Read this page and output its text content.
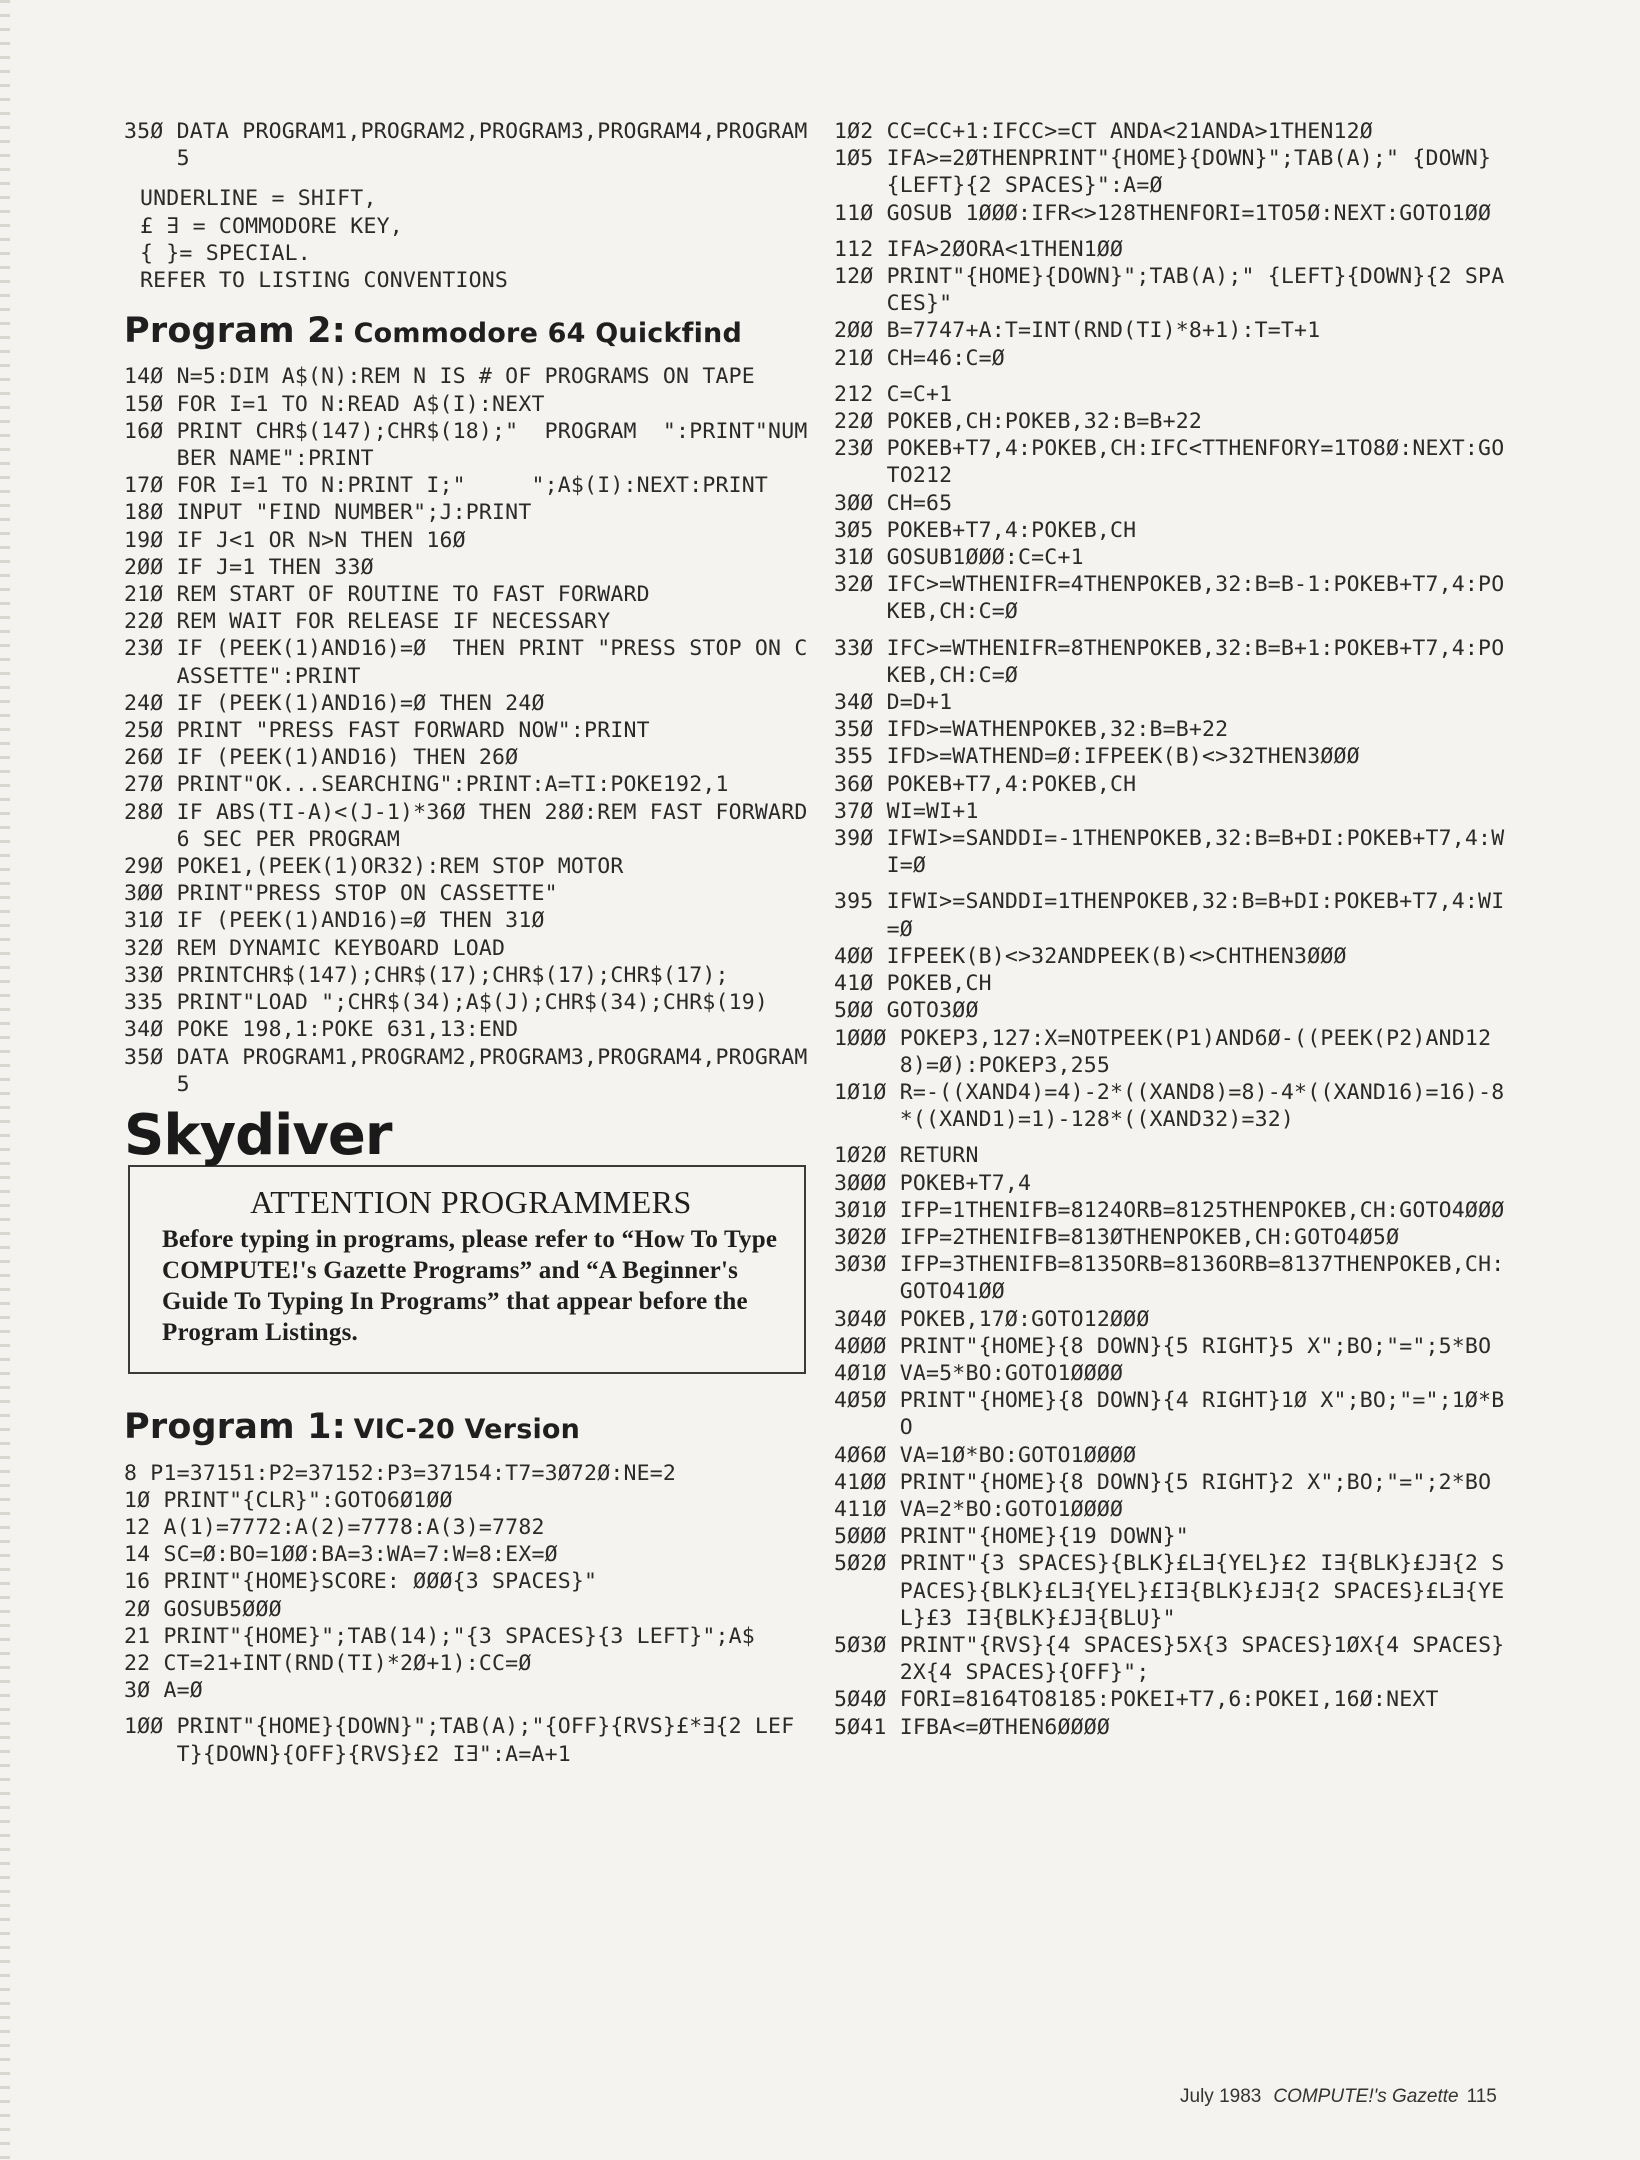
35Ø DATA PROGRAM1,PROGRAM2,PROGRAM3,PROGRAM4,PROGRAM5
UNDERLINE = SHIFT,
£ ∃ = COMMODORE KEY,
{ }= SPECIAL.
REFER TO LISTING CONVENTIONS
Program 2: Commodore 64 Quickfind
14Ø N=5:DIM A$(N):REM N IS # OF PROGRAMS ON TAPE
15Ø FOR I=1 TO N:READ A$(I):NEXT
16Ø PRINT CHR$(147);CHR$(18);"  PROGRAM  ":PRINT"NUMBER NAME":PRINT
17Ø FOR I=1 TO N:PRINT I;"     ";A$(I):NEXT:PRINT
18Ø INPUT "FIND NUMBER";J:PRINT
19Ø IF J<1 OR N>N THEN 16Ø
2ØØ IF J=1 THEN 33Ø
21Ø REM START OF ROUTINE TO FAST FORWARD
22Ø REM WAIT FOR RELEASE IF NECESSARY
23Ø IF (PEEK(1)AND16)=Ø  THEN PRINT "PRESS STOP ON CASSETTE":PRINT
24Ø IF (PEEK(1)AND16)=Ø THEN 24Ø
25Ø PRINT "PRESS FAST FORWARD NOW":PRINT
26Ø IF (PEEK(1)AND16) THEN 26Ø
27Ø PRINT"OK...SEARCHING":PRINT:A=TI:POKE192,1
28Ø IF ABS(TI-A)<(J-1)*36Ø THEN 28Ø:REM FAST FORWARD 6 SEC PER PROGRAM
29Ø POKE1,(PEEK(1)OR32):REM STOP MOTOR
3ØØ PRINT"PRESS STOP ON CASSETTE"
31Ø IF (PEEK(1)AND16)=Ø THEN 31Ø
32Ø REM DYNAMIC KEYBOARD LOAD
33Ø PRINTCHR$(147);CHR$(17);CHR$(17);CHR$(17);
335 PRINT"LOAD ";CHR$(34);A$(J);CHR$(34);CHR$(19)
34Ø POKE 198,1:POKE 631,13:END
35Ø DATA PROGRAM1,PROGRAM2,PROGRAM3,PROGRAM4,PROGRAM5
Skydiver
ATTENTION PROGRAMMERS
Before typing in programs, please refer to “How To Type COMPUTE!'s Gazette Programs” and “A Beginner's Guide To Typing In Programs” that appear before the Program Listings.
Program 1: VIC-20 Version
8 P1=37151:P2=37152:P3=37154:T7=3Ø72Ø:NE=2
1Ø PRINT"{CLR}":GOTO6Ø1ØØ
12 A(1)=7772:A(2)=7778:A(3)=7782
14 SC=Ø:BO=1ØØ:BA=3:WA=7:W=8:EX=Ø
16 PRINT"{HOME}SCORE: ØØØ{3 SPACES}"
2Ø GOSUB5ØØØ
21 PRINT"{HOME}";TAB(14);"{3 SPACES}{3 LEFT}";A$
22 CT=21+INT(RND(TI)*2Ø+1):CC=Ø
3Ø A=Ø
1ØØ PRINT"{HOME}{DOWN}";TAB(A);"{OFF}{RVS}£*∃{2 LEFT}{DOWN}{OFF}{RVS}£2 I∃":A=A+1
1Ø2 CC=CC+1:IFCC>=CT ANDA<21ANDA>1THEN12Ø
1Ø5 IFA>=2ØTHENPRINT"{HOME}{DOWN}";TAB(A);" {DOWN}{LEFT}{2 SPACES}":A=Ø
11Ø GOSUB 1ØØØ:IFR<>128THENFORI=1TO5Ø:NEXT:GOTO1ØØ
112 IFA>2ØORA<1THEN1ØØ
12Ø PRINT"{HOME}{DOWN}";TAB(A);" {LEFT}{DOWN}{2 SPACES}"
2ØØ B=7747+A:T=INT(RND(TI)*8+1):T=T+1
21Ø CH=46:C=Ø
212 C=C+1
22Ø POKEB,CH:POKEB,32:B=B+22
23Ø POKEB+T7,4:POKEB,CH:IFC<TTHENFORY=1TO8Ø:NEXT:GOTO212
3ØØ CH=65
3Ø5 POKEB+T7,4:POKEB,CH
31Ø GOSUB1ØØØ:C=C+1
32Ø IFC>=WTHENIFR=4THENPOKEB,32:B=B-1:POKEB+T7,4:POKEB,CH:C=Ø
33Ø IFC>=WTHENIFR=8THENPOKEB,32:B=B+1:POKEB+T7,4:POKEB,CH:C=Ø
34Ø D=D+1
35Ø IFD>=WATHENPOKEB,32:B=B+22
355 IFD>=WATHEND=Ø:IFPEEK(B)<>32THEN3ØØØ
36Ø POKEB+T7,4:POKEB,CH
37Ø WI=WI+1
39Ø IFWI>=SANDDI=-1THENPOKEB,32:B=B+DI:POKEB+T7,4:WI=Ø
395 IFWI>=SANDDI=1THENPOKEB,32:B=B+DI:POKEB+T7,4:WI=Ø
4ØØ IFPEEK(B)<>32ANDPEEK(B)<>CHTHEN3ØØØ
41Ø POKEB,CH
5ØØ GOTO3ØØ
1ØØØ POKEP3,127:X=NOTPEEK(P1)AND6Ø-((PEEK(P2)AND128)=Ø):POKEP3,255
1Ø1Ø R=-((XAND4)=4)-2*((XAND8)=8)-4*((XAND16)=16)-8*((XAND1)=1)-128*((XAND32)=32)
1Ø2Ø RETURN
3ØØØ POKEB+T7,4
3Ø1Ø IFP=1THENIFB=8124ORB=8125THENPOKEB,CH:GOTO4ØØØ
3Ø2Ø IFP=2THENIFB=813ØTHENPOKEB,CH:GOTO4Ø5Ø
3Ø3Ø IFP=3THENIFB=8135ORB=8136ORB=8137THENPOKEB,CH:GOTO41ØØ
3Ø4Ø POKEB,17Ø:GOTO12ØØØ
4ØØØ PRINT"{HOME}{8 DOWN}{5 RIGHT}5 X";BO;"=";5*BO
4Ø1Ø VA=5*BO:GOTO1ØØØØ
4Ø5Ø PRINT"{HOME}{8 DOWN}{4 RIGHT}1Ø X";BO;"=";1Ø*BO
4Ø6Ø VA=1Ø*BO:GOTO1ØØØØ
41ØØ PRINT"{HOME}{8 DOWN}{5 RIGHT}2 X";BO;"=";2*BO
411Ø VA=2*BO:GOTO1ØØØØ
5ØØØ PRINT"{HOME}{19 DOWN}"
5Ø2Ø PRINT"{3 SPACES}{BLK}£L∃{YEL}£2 I∃{BLK}£J∃{2 SPACES}{BLK}£L∃{YEL}£I∃{BLK}£J∃{2 SPACES}£L∃{YEL}£3 I∃{BLK}£J∃{BLU}"
5Ø3Ø PRINT"{RVS}{4 SPACES}5X{3 SPACES}1ØX{4 SPACES}2X{4 SPACES}{OFF}";
5Ø4Ø FORI=8164TO8185:POKEI+T7,6:POKEI,16Ø:NEXT
5Ø41 IFBA<=ØTHEN6ØØØØ
July 1983 COMPUTE!'s Gazette 115
